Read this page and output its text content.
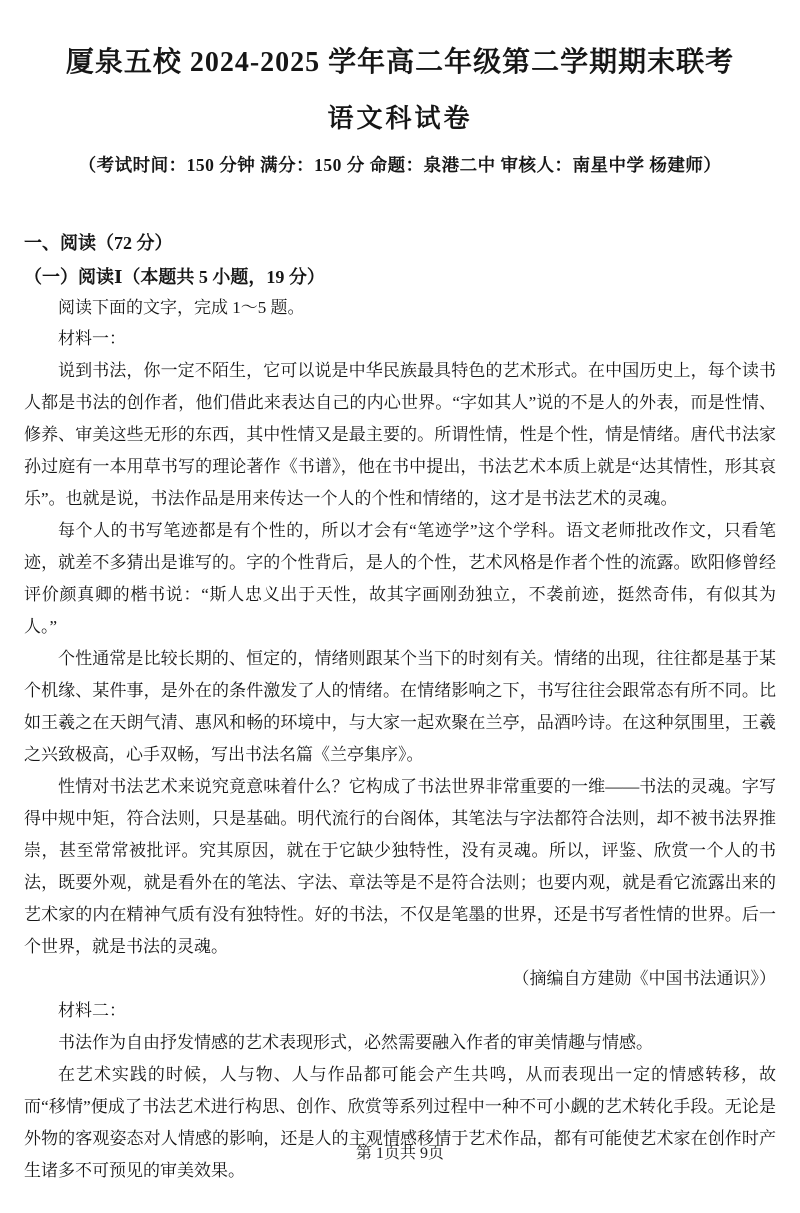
厦泉五校 2024-2025 学年高二年级第二学期期末联考

语文科试卷

（考试时间：150 分钟 满分：150 分 命题：泉港二中 审核人：南星中学 杨建师）

一、阅读（72 分）

（一）阅读Ⅰ（本题共 5 小题，19 分）

阅读下面的文字，完成 1～5 题。

材料一：

说到书法，你一定不陌生，它可以说是中华民族最具特色的艺术形式。在中国历史上，每个读书人都是书法的创作者，他们借此来表达自己的内心世界。“字如其人”说的不是人的外表，而是性情、修养、审美这些无形的东西，其中性情又是最主要的。所谓性情，性是个性，情是情绪。唐代书法家孙过庭有一本用草书写的理论著作《书谱》，他在书中提出，书法艺术本质上就是“达其情性，形其哀乐”。也就是说，书法作品是用来传达一个人的个性和情绪的，这才是书法艺术的灵魂。

每个人的书写笔迹都是有个性的，所以才会有“笔迹学”这个学科。语文老师批改作文，只看笔迹，就差不多猜出是谁写的。字的个性背后，是人的个性，艺术风格是作者个性的流露。欧阳修曾经评价颜真卿的楷书说：“斯人忠义出于天性，故其字画刚劲独立，不袭前迹，挺然奇伟，有似其为人。”

个性通常是比较长期的、恒定的，情绪则跟某个当下的时刻有关。情绪的出现，往往都是基于某个机缘、某件事，是外在的条件激发了人的情绪。在情绪影响之下，书写往往会跟常态有所不同。比如王羲之在天朗气清、惠风和畅的环境中，与大家一起欢聚在兰亭，品酒吟诗。在这种氛围里，王羲之兴致极高，心手双畅，写出书法名篇《兰亭集序》。

性情对书法艺术来说究竟意味着什么？它构成了书法世界非常重要的一维——书法的灵魂。字写得中规中矩，符合法则，只是基础。明代流行的台阁体，其笔法与字法都符合法则，却不被书法界推崇，甚至常常被批评。究其原因，就在于它缺少独特性，没有灵魂。所以，评鉴、欣赏一个人的书法，既要外观，就是看外在的笔法、字法、章法等是不是符合法则；也要内观，就是看它流露出来的艺术家的内在精神气质有没有独特性。好的书法，不仅是笔墨的世界，还是书写者性情的世界。后一个世界，就是书法的灵魂。

（摘编自方建勋《中国书法通识》）

材料二：

书法作为自由抒发情感的艺术表现形式，必然需要融入作者的审美情趣与情感。

在艺术实践的时候，人与物、人与作品都可能会产生共鸣，从而表现出一定的情感转移，故而“移情”便成了书法艺术进行构思、创作、欣赏等系列过程中一种不可小觑的艺术转化手段。无论是外物的客观姿态对人情感的影响，还是人的主观情感移情于艺术作品，都有可能使艺术家在创作时产生诸多不可预见的审美效果。

第 1页共 9页
